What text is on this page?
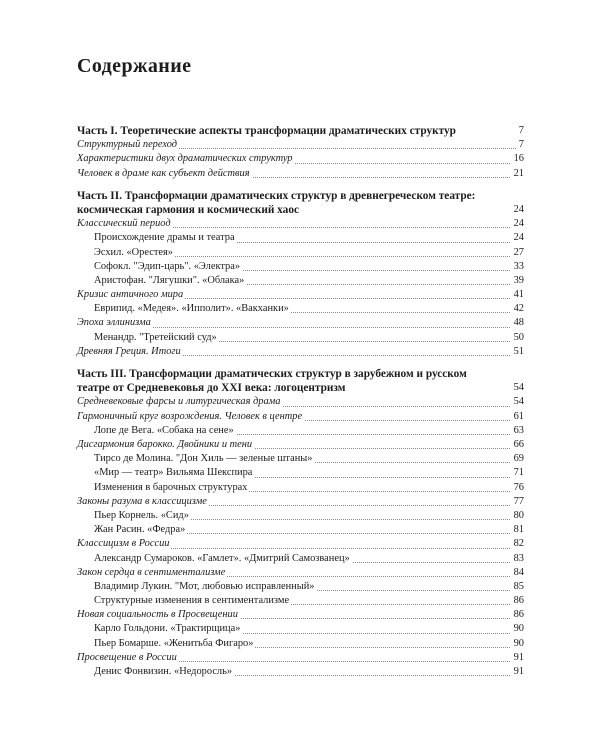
Содержание
Часть I. Теоретические аспекты трансформации драматических структур	7
Структурный переход	7
Характеристики двух драматических структур	16
Человек в драме как субъект действия	21
Часть II. Трансформации драматических структур в древнегреческом театре: космическая гармония и космический хаос	24
Классический период	24
Происхождение драмы и театра	24
Эсхил. «Орестея»	27
Софокл. "Эдип-царь". «Электра»	33
Аристофан. "Лягушки". «Облака»	39
Кризис античного мира	41
Еврипид. «Медея». «Ипполит». «Вакханки»	42
Эпоха эллинизма	48
Менандр. "Третейский суд»	50
Древняя Греция. Итоги	51
Часть III. Трансформации драматических структур в зарубежном и русском театре от Средневековья до XXI века: логоцентризм	54
Средневековые фарсы и литургическая драма	54
Гармоничный круг возрождения. Человек в центре	61
Лопе де Вега. «Собака на сене»	63
Дисгармония барокко. Двойники и тени	66
Тирсо де Молина. "Дон Хиль — зеленые штаны»	69
«Мир — театр» Вильяма Шекспира	71
Изменения в барочных структурах	76
Законы разума в классицизме	77
Пьер Корнель. «Сид»	80
Жан Расин. «Федра»	81
Классицизм в России	82
Александр Сумароков. «Гамлет». «Дмитрий Самозванец»	83
Закон сердца в сентиментализме	84
Владимир Лукин. "Мот, любовью исправленный»	85
Структурные изменения в сентиментализме	86
Новая социальность в Просвещении	86
Карло Гольдони. «Трактирщица»	90
Пьер Бомарше. «Женитьба Фигаро»	90
Просвещение в России	91
Денис Фонвизин. «Недоросль»	91
